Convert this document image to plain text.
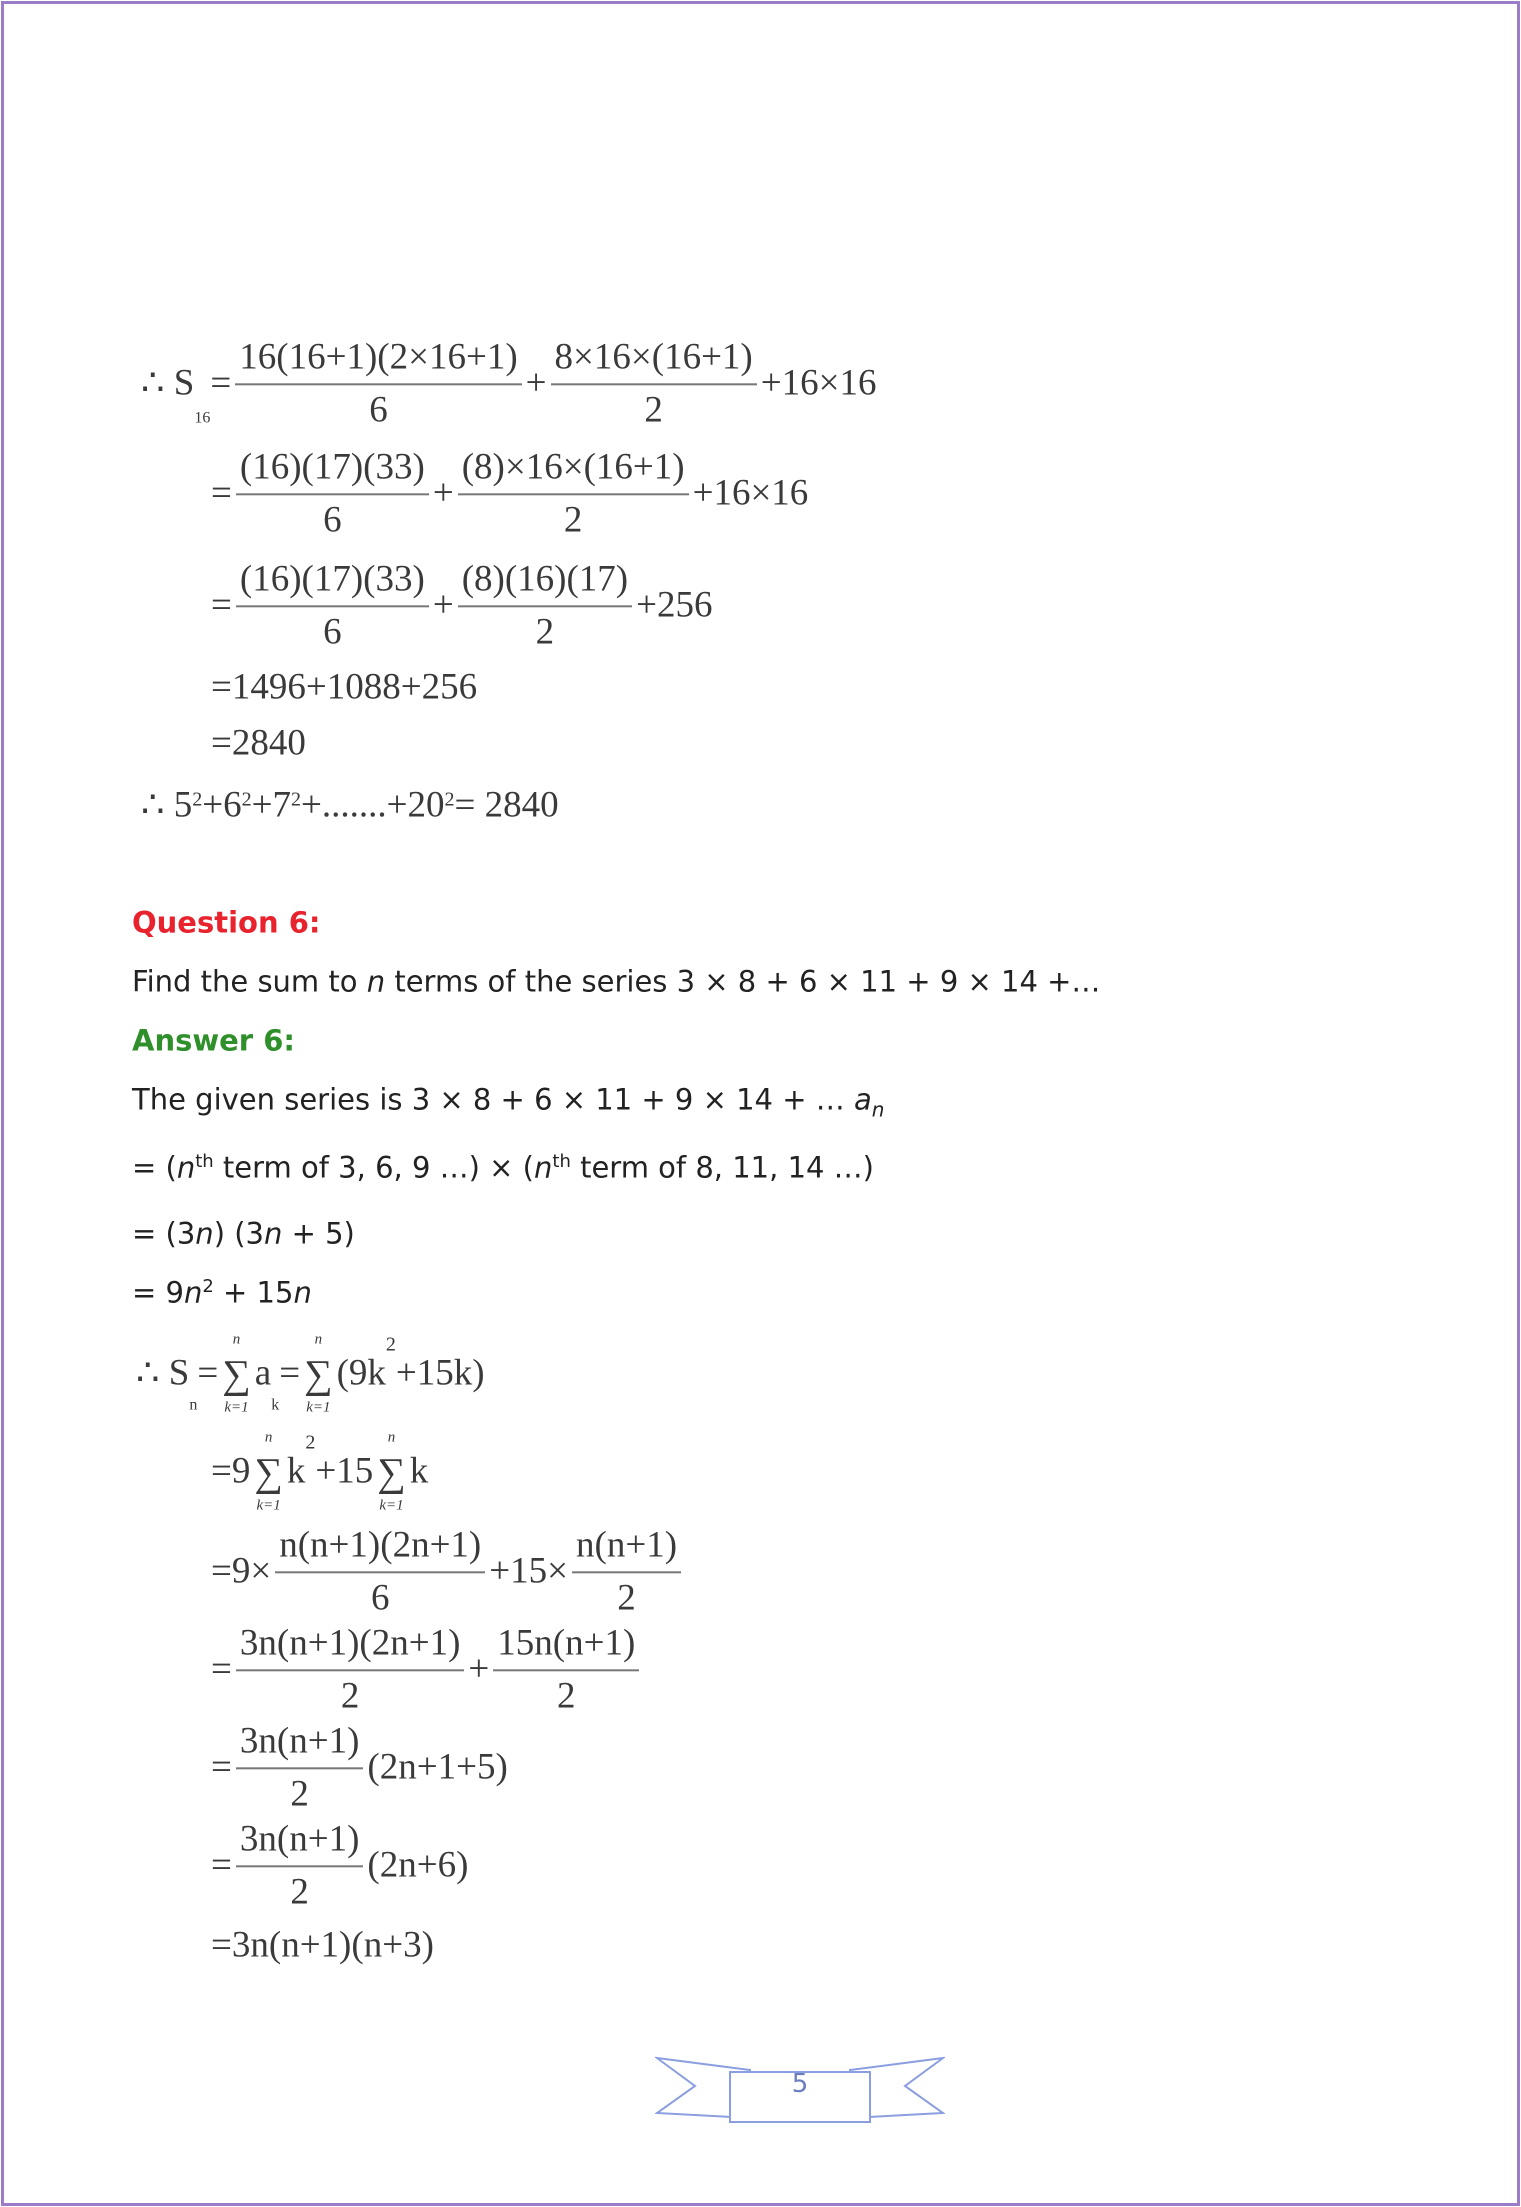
∴ S
16
= $\frac{16(16+1)(2\times 16+1)}{6} + \frac{8\times 16\times(16+1)}{2} +16\times 16$
= $\frac{(16)(17)(33)}{6} + \frac{(8)\times 16\times(16+1)}{2} +16\times 16$
= $\frac{(16)(17)(33)}{6} + \frac{(8)(16)(17)}{2} +256$
=1496+1088+256
=2840
∴ 5 2 +6 2 +7 2 +.......+20 2 = 2840
Question 6:
Find the sum to n terms of the series 3 × 8 + 6 × 11 + 9 × 14 +…
Answer 6:
The given series is 3 × 8 + 6 × 11 + 9 × 14 + … $a_n$
= ($n^{th}$ term of 3, 6, 9 …) × ($n^{th}$ term of 8, 11, 14 …)
= (3n) (3n + 5)
= $9n^2 + 15n$
∴ S
n
=
n
∑
k=1
a
k
=
n
∑
k=1
(9k
2
+15k)
=9
n
∑
k=1
k
2
+15
n
∑
k=1
k
$=9\times \frac{n(n+1)(2n+1)}{6} +15\times \frac{n(n+1)}{2}$
= $\frac{3n(n+1)(2n+1)}{2} + \frac{15n(n+1)}{2}$
= $\frac{3n(n+1)}{2} (2n+1+5)$
= $\frac{3n(n+1)}{2} (2n+6)$
=3n(n+1)(n+3)
5
